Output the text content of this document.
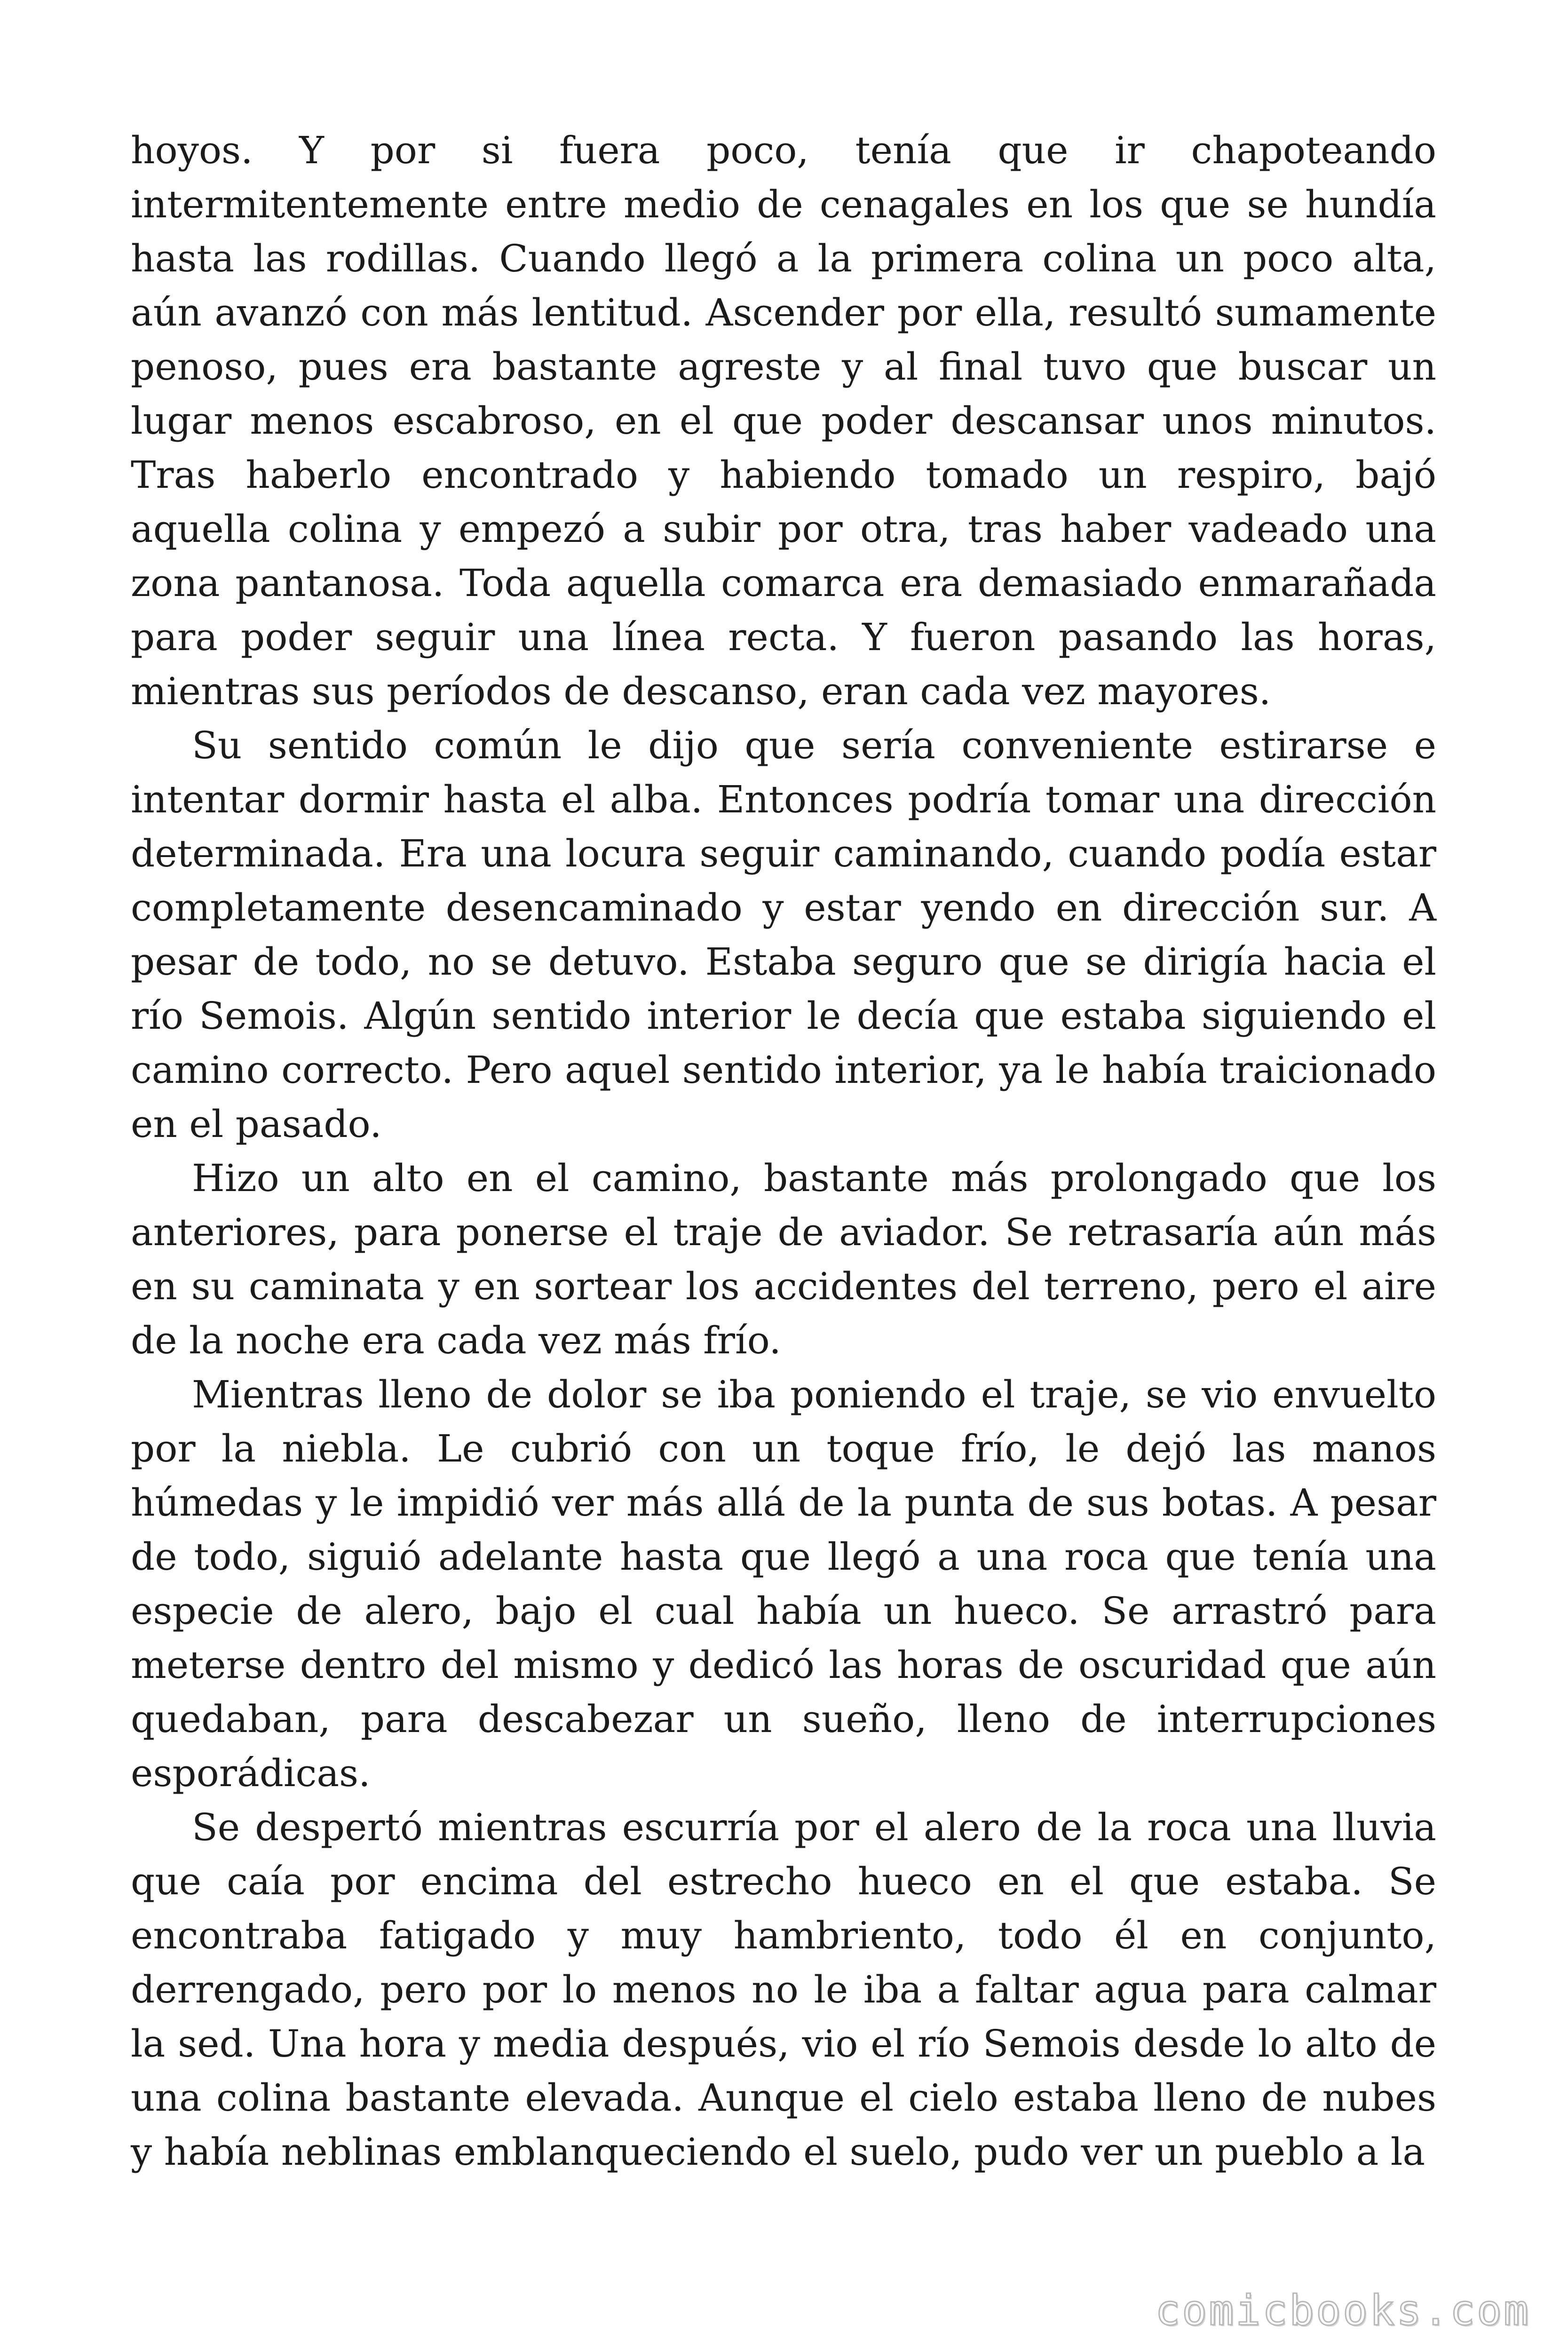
hoyos. Y por si fuera poco, tenía que ir chapoteando intermitentemente entre medio de cenagales en los que se hundía hasta las rodillas. Cuando llegó a la primera colina un poco alta, aún avanzó con más lentitud. Ascender por ella, resultó sumamente penoso, pues era bastante agreste y al final tuvo que buscar un lugar menos escabroso, en el que poder descansar unos minutos. Tras haberlo encontrado y habiendo tomado un respiro, bajó aquella colina y empezó a subir por otra, tras haber vadeado una zona pantanosa. Toda aquella comarca era demasiado enmarañada para poder seguir una línea recta. Y fueron pasando las horas, mientras sus períodos de descanso, eran cada vez mayores.

Su sentido común le dijo que sería conveniente estirarse e intentar dormir hasta el alba. Entonces podría tomar una dirección determinada. Era una locura seguir caminando, cuando podía estar completamente desencaminado y estar yendo en dirección sur. A pesar de todo, no se detuvo. Estaba seguro que se dirigía hacia el río Semois. Algún sentido interior le decía que estaba siguiendo el camino correcto. Pero aquel sentido interior, ya le había traicionado en el pasado.

Hizo un alto en el camino, bastante más prolongado que los anteriores, para ponerse el traje de aviador. Se retrasaría aún más en su caminata y en sortear los accidentes del terreno, pero el aire de la noche era cada vez más frío.

Mientras lleno de dolor se iba poniendo el traje, se vio envuelto por la niebla. Le cubrió con un toque frío, le dejó las manos húmedas y le impidió ver más allá de la punta de sus botas. A pesar de todo, siguió adelante hasta que llegó a una roca que tenía una especie de alero, bajo el cual había un hueco. Se arrastró para meterse dentro del mismo y dedicó las horas de oscuridad que aún quedaban, para descabezar un sueño, lleno de interrupciones esporádicas.

Se despertó mientras escurría por el alero de la roca una lluvia que caía por encima del estrecho hueco en el que estaba. Se encontraba fatigado y muy hambriento, todo él en conjunto, derrengado, pero por lo menos no le iba a faltar agua para calmar la sed. Una hora y media después, vio el río Semois desde lo alto de una colina bastante elevada. Aunque el cielo estaba lleno de nubes y había neblinas emblanqueciendo el suelo, pudo ver un pueblo a la

comicbooks.com
